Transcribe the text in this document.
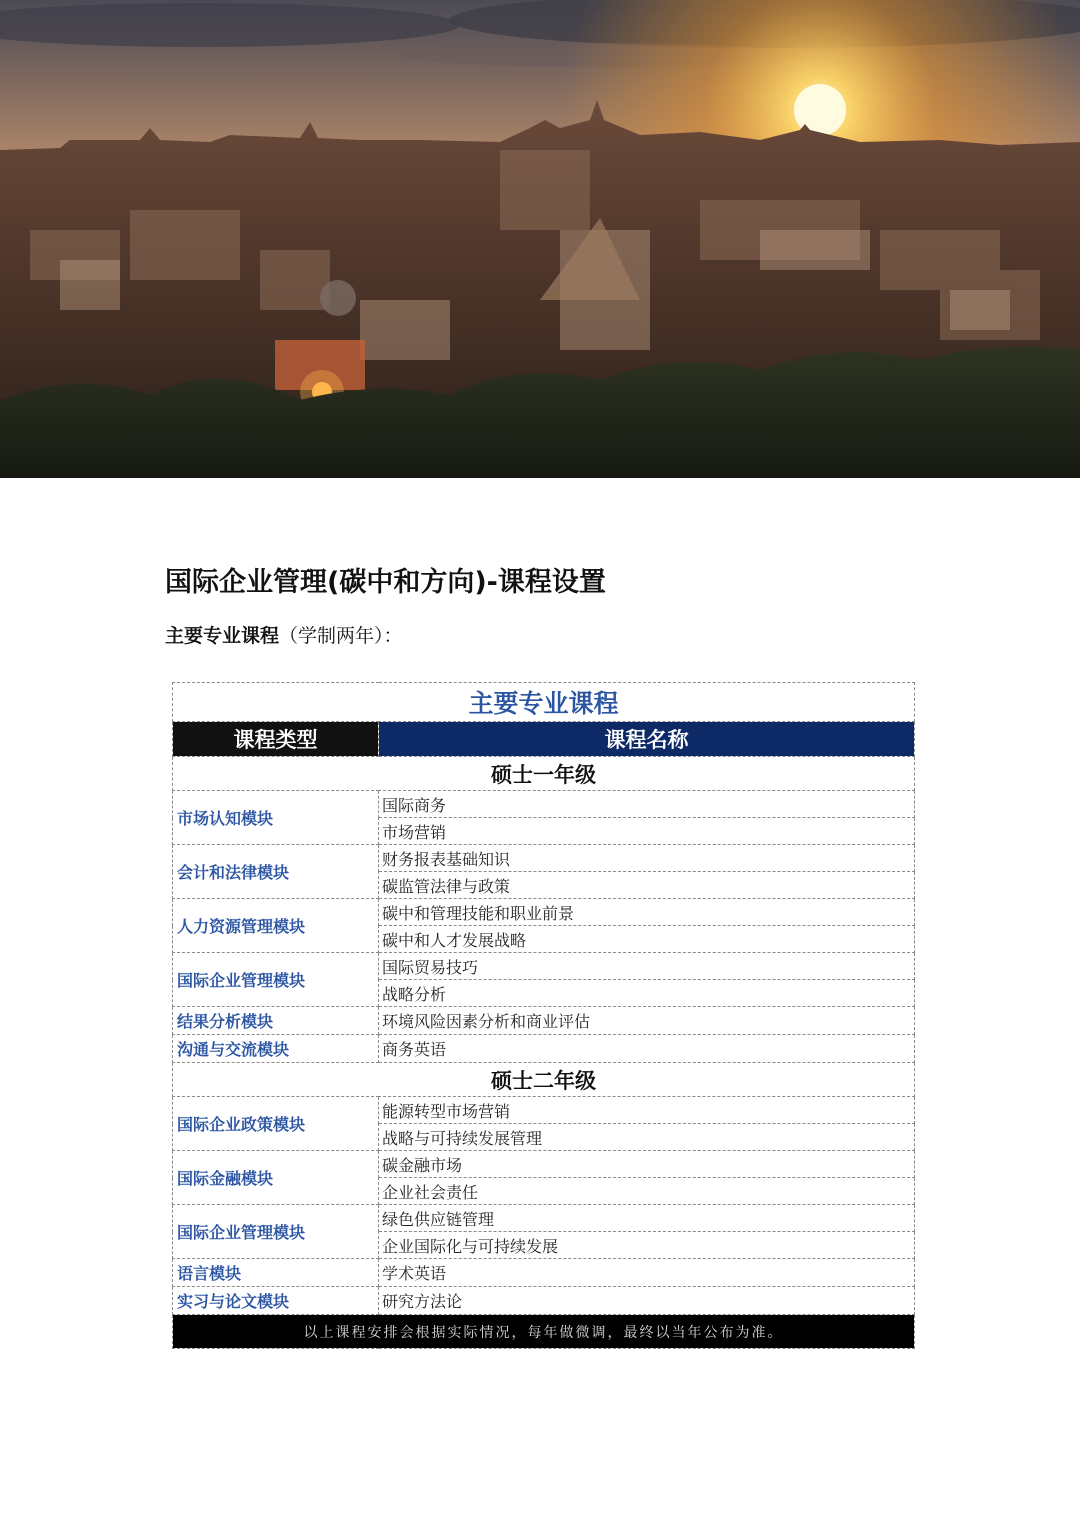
国际企业管理(碳中和方向)-课程设置
主要专业课程（学制两年）：
主要专业课程	
课程类型	课程名称
硕士一年级	
市场认知模块	国际商务
	市场营销
会计和法律模块	财务报表基础知识
	碳监管法律与政策
人力资源管理模块	碳中和管理技能和职业前景
	碳中和人才发展战略
国际企业管理模块	国际贸易技巧
	战略分析
结果分析模块	环境风险因素分析和商业评估
沟通与交流模块	商务英语
硕士二年级	
国际企业政策模块	能源转型市场营销
	战略与可持续发展管理
国际金融模块	碳金融市场
	企业社会责任
国际企业管理模块	绿色供应链管理
	企业国际化与可持续发展
语言模块	学术英语
实习与论文模块	研究方法论
以上课程安排会根据实际情况，每年做微调，最终以当年公布为准。	
